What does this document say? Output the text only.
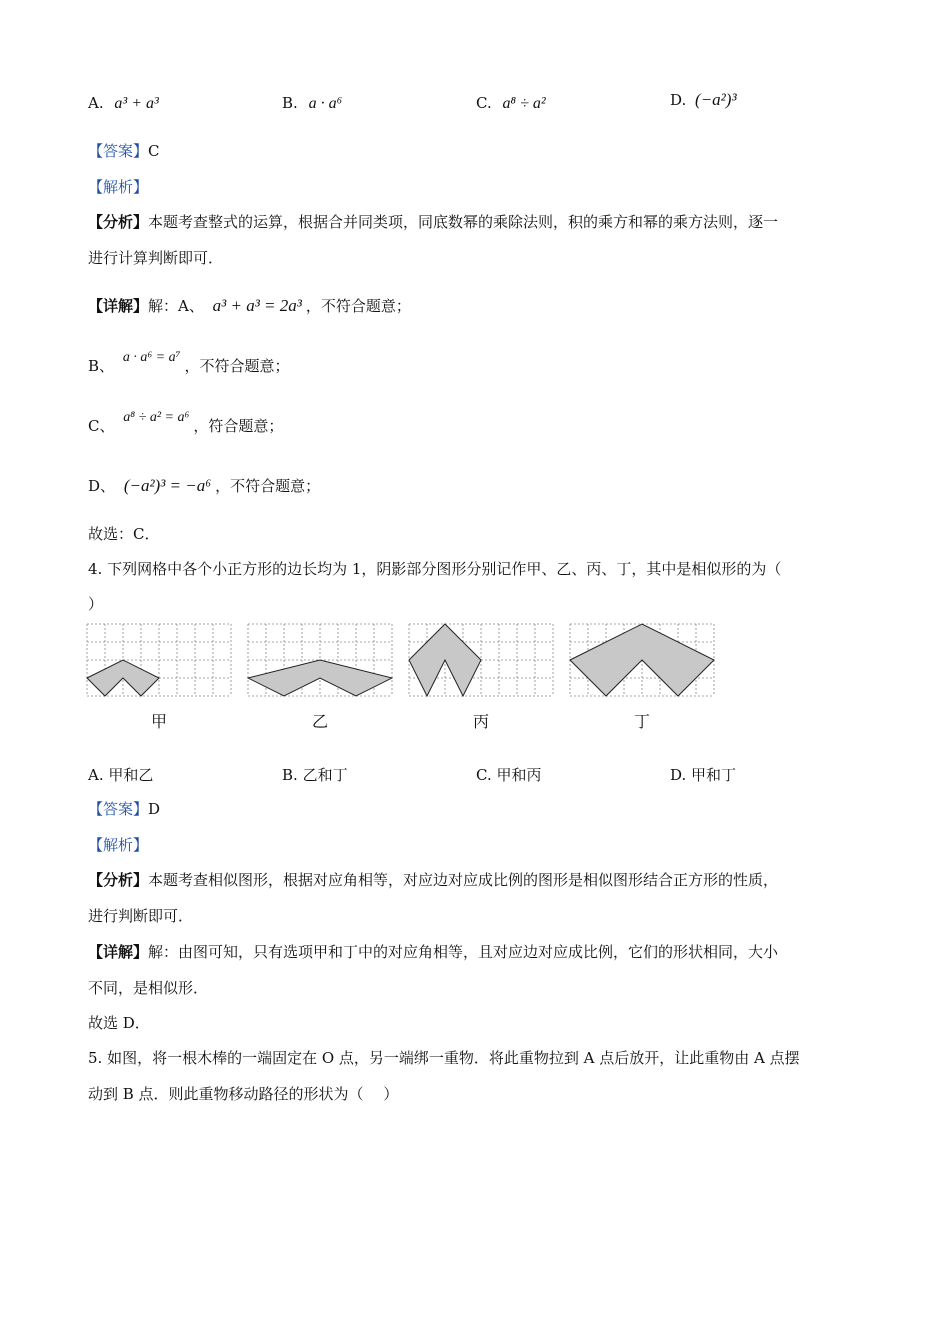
A. a³ + a³	B. a · a⁶	C. a⁸ ÷ a²	D. (−a²)³
【答案】C
【解析】
【分析】本题考查整式的运算，根据合并同类项，同底数幂的乘除法则，积的乘方和幂的乘方法则，逐一
进行计算判断即可．
【详解】解：A、 a³ + a³ = 2a³ ，不符合题意；
B、 a · a⁶ = a⁷ ，不符合题意；
C、 a⁸ ÷ a² = a⁶ ，符合题意；
D、 (−a²)³ = −a⁶ ，不符合题意；
故选：C．
4. 下列网格中各个小正方形的边长均为 1，阴影部分图形分别记作甲、乙、丙、丁，其中是相似形的为（
）
甲	乙	丙	丁
A. 甲和乙	B. 乙和丁	C. 甲和丙	D. 甲和丁
【答案】D
【解析】
【分析】本题考查相似图形，根据对应角相等，对应边对应成比例的图形是相似图形结合正方形的性质，
进行判断即可．
【详解】解：由图可知，只有选项甲和丁中的对应角相等，且对应边对应成比例，它们的形状相同，大小
不同，是相似形．
故选 D．
5. 如图，将一根木棒的一端固定在 O 点，另一端绑一重物．将此重物拉到 A 点后放开，让此重物由 A 点摆
动到 B 点．则此重物移动路径的形状为（　 ）
